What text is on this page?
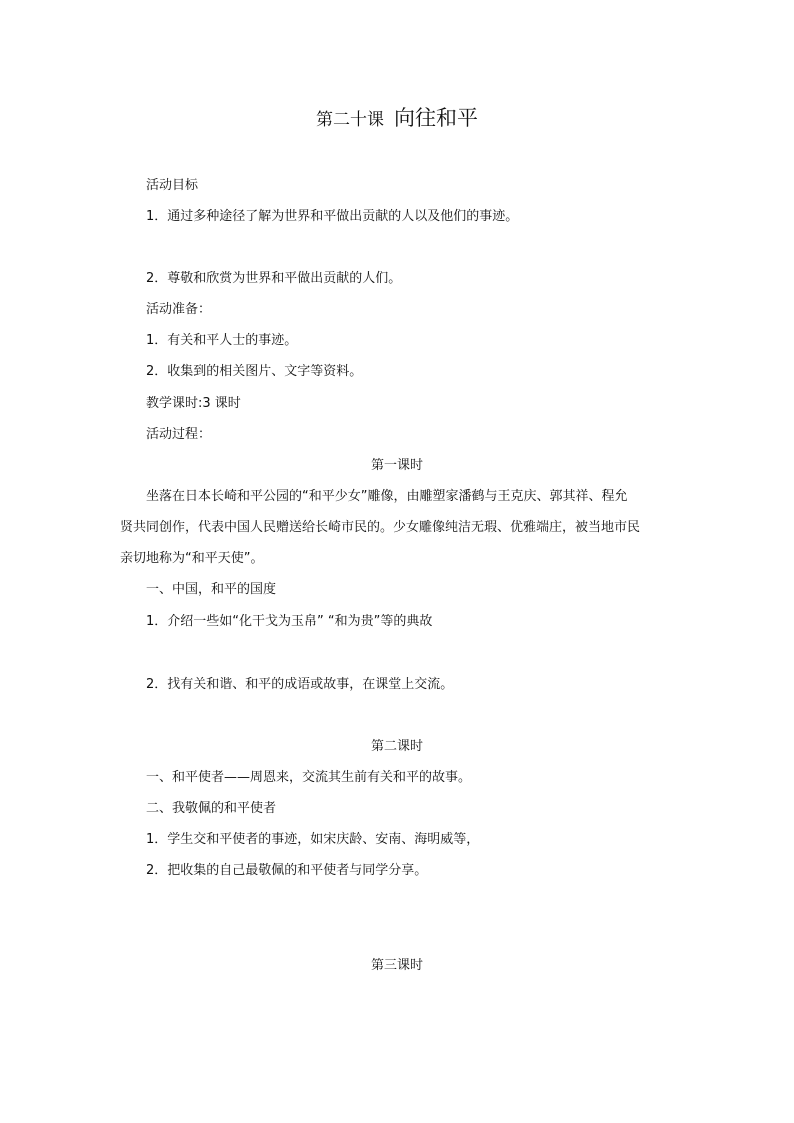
第二十课 向往和平

活动目标

1．通过多种途径了解为世界和平做出贡献的人以及他们的事迹。

2．尊敬和欣赏为世界和平做出贡献的人们。

活动准备：

1．有关和平人士的事迹。

2．收集到的相关图片、文字等资料。

教学课时:3 课时

活动过程：

第一课时

坐落在日本长崎和平公园的“和平少女”雕像，由雕塑家潘鹤与王克庆、郭其祥、程允

贤共同创作，代表中国人民赠送给长崎市民的。少女雕像纯洁无瑕、优雅端庄，被当地市民

亲切地称为“和平天使”。

一、中国，和平的国度

1．介绍一些如“化干戈为玉帛” “和为贵”等的典故

2．找有关和谐、和平的成语或故事，在课堂上交流。

第二课时

一、和平使者——周恩来，交流其生前有关和平的故事。

二、我敬佩的和平使者

1．学生交和平使者的事迹，如宋庆龄、安南、海明威等，

2．把收集的自己最敬佩的和平使者与同学分享。

第三课时
